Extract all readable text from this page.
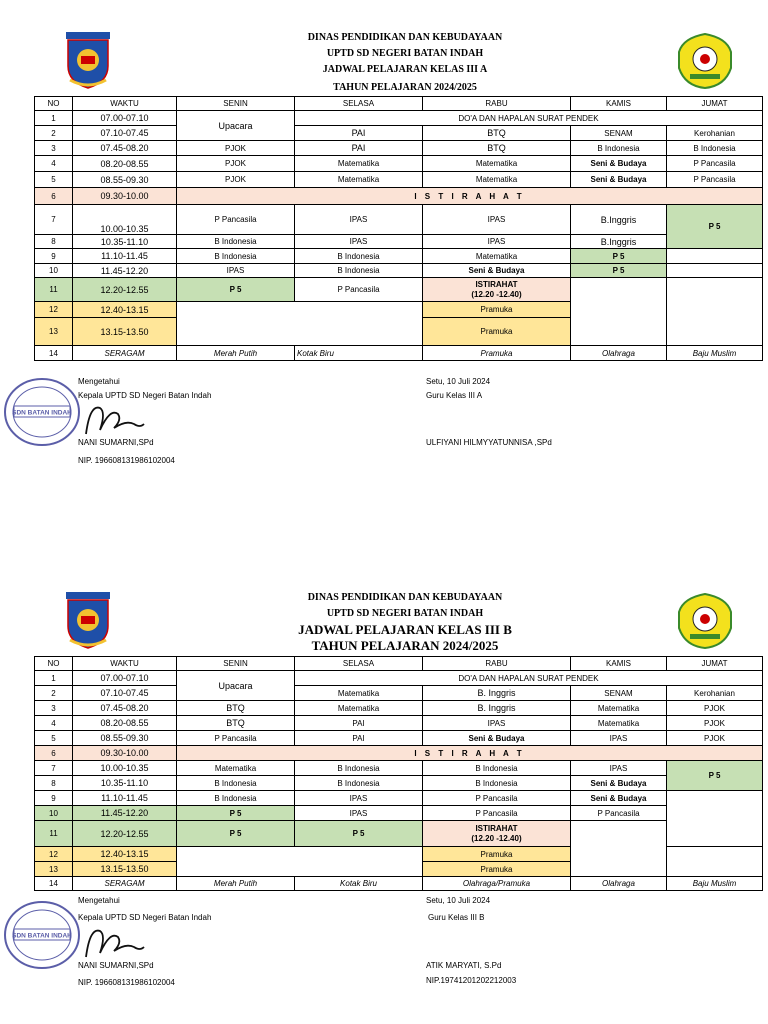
DINAS PENDIDIKAN DAN KEBUDAYAAN
UPTD SD NEGERI BATAN INDAH
JADWAL PELAJARAN KELAS III A
TAHUN PELAJARAN 2024/2025
NO	WAKTU	SENIN	SELASA	RABU	KAMIS	JUMAT
1	07.00-07.10	Upacara	DO'A DAN HAPALAN SURAT PENDEK			
2	07.10-07.45		PAI	BTQ	SENAM	Kerohanian
3	07.45-08.20	PJOK	PAI	BTQ	B Indonesia	B Indonesia
4	08.20-08.55	PJOK	Matematika	Matematika	Seni & Budaya	P Pancasila
5	08.55-09.30	PJOK	Matematika	Matematika	Seni & Budaya	P Pancasila
6	09.30-10.00	I S T I R A H A T				
7	10.00-10.35	P Pancasila	IPAS	IPAS	B.Inggris	P 5
8	10.35-11.10	B Indonesia	IPAS	IPAS	B.Inggris	
9	11.10-11.45	B Indonesia	B Indonesia	Matematika	P 5	
10	11.45-12.20	IPAS	B Indonesia	Seni & Budaya	P 5	
11	12.20-12.55	P 5	P Pancasila	ISTIRAHAT
(12.20 -12.40)		

12	12.40-13.15			Pramuka		
13	13.15-13.50			Pramuka		
14	SERAGAM	Merah Putih	Kotak Biru	Pramuka	Olahraga	Baju Muslim
Mengetahui
Kepala UPTD SD Negeri Batan Indah
Setu, 10 Juli 2024
Guru Kelas III A
NANI SUMARNI,SPd
NIP. 196608131986102004
ULFIYANI HILMYYATUNNISA ,SPd
SDN BATAN INDAH
DINAS PENDIDIKAN DAN KEBUDAYAAN
UPTD SD NEGERI BATAN INDAH
JADWAL PELAJARAN KELAS III B
TAHUN PELAJARAN 2024/2025
NO	WAKTU	SENIN	SELASA	RABU	KAMIS	JUMAT
1	07.00-07.10	Upacara	DO'A DAN HAPALAN SURAT PENDEK			
2	07.10-07.45		Matematika	B. Inggris	SENAM	Kerohanian
3	07.45-08.20	BTQ	Matematika	B. Inggris	Matematika	PJOK
4	08.20-08.55	BTQ	PAI	IPAS	Matematika	PJOK
5	08.55-09.30	P Pancasila	PAI	Seni & Budaya	IPAS	PJOK
6	09.30-10.00	I S T I R A H A T				
7	10.00-10.35	Matematika	B Indonesia	B Indonesia	IPAS	P 5
8	10.35-11.10	B Indonesia	B Indonesia	B Indonesia	Seni & Budaya	
9	11.10-11.45	B Indonesia	IPAS	P Pancasila	Seni & Budaya	
10	11.45-12.20	P 5	IPAS	P Pancasila	P Pancasila	
11	12.20-12.55	P 5	P 5	ISTIRAHAT
(12.20 -12.40)		

12	12.40-13.15			Pramuka		
13	13.15-13.50			Pramuka		
14	SERAGAM	Merah Putih	Kotak Biru	Olahraga/Pramuka	Olahraga	Baju Muslim
Mengetahui
Kepala UPTD SD Negeri Batan Indah
Setu, 10 Juli 2024
Guru Kelas III B
NANI SUMARNI,SPd
NIP. 196608131986102004
ATIK MARYATI, S.Pd
NIP.19741201202212003
SDN BATAN INDAH
